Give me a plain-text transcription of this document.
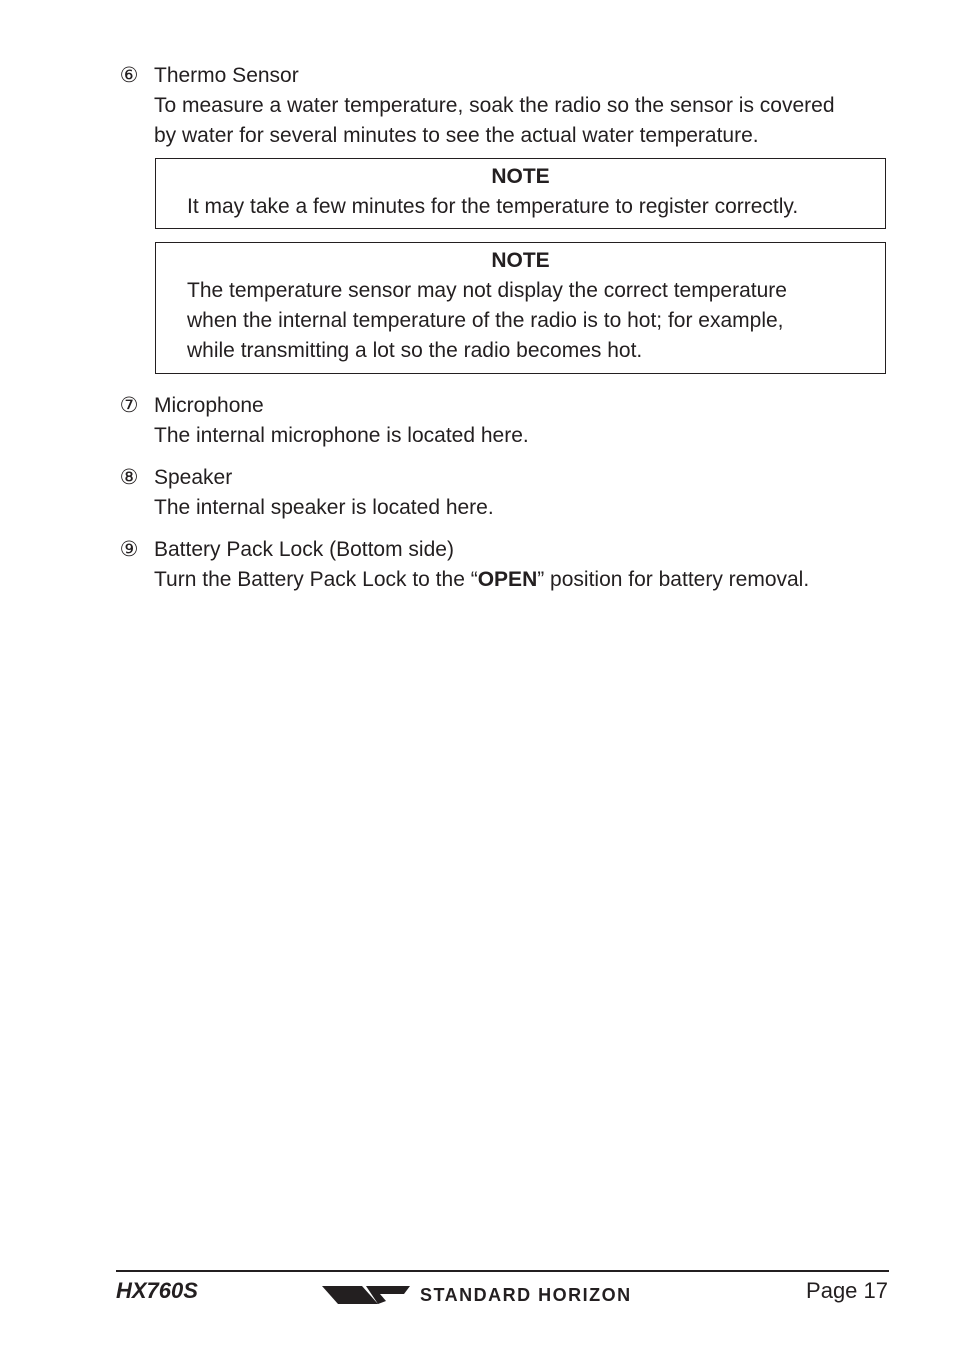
⑥ Thermo Sensor

To measure a water temperature, soak the radio so the sensor is covered

by water for several minutes to see the actual water temperature.

NOTE
It may take a few minutes for the temperature to register correctly.
NOTE
The temperature sensor may not display the correct temperature
when the internal temperature of the radio is to hot; for example,
while transmitting a lot so the radio becomes hot.
⑦ Microphone

The internal microphone is located here.

⑧ Speaker

The internal speaker is located here.

⑨ Battery Pack Lock (Bottom side)

Turn the Battery Pack Lock to the “OPEN” position for battery removal.

HX760S	STANDARD HORIZON	Page 17
